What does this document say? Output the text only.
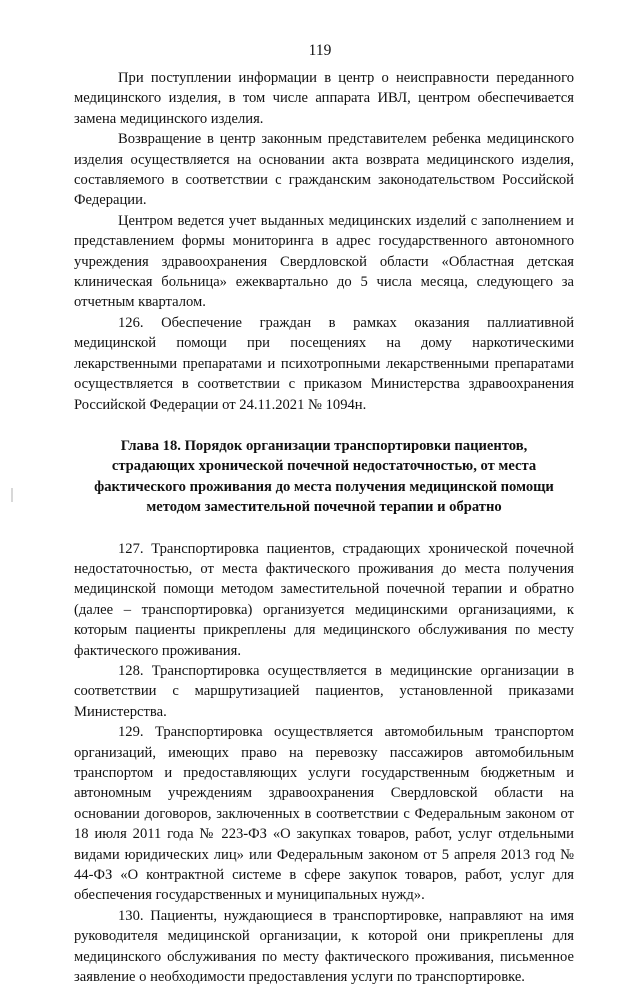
119

При поступлении информации в центр о неисправности переданного медицинского изделия, в том числе аппарата ИВЛ, центром обеспечивается замена медицинского изделия.

Возвращение в центр законным представителем ребенка медицинского изделия осуществляется на основании акта возврата медицинского изделия, составляемого в соответствии с гражданским законодательством Российской Федерации.

Центром ведется учет выданных медицинских изделий с заполнением и представлением формы мониторинга в адрес государственного автономного учреждения здравоохранения Свердловской области «Областная детская клиническая больница» ежеквартально до 5 числа месяца, следующего за отчетным кварталом.

126. Обеспечение граждан в рамках оказания паллиативной медицинской помощи при посещениях на дому наркотическими лекарственными препаратами и психотропными лекарственными препаратами осуществляется в соответствии с приказом Министерства здравоохранения Российской Федерации от 24.11.2021 № 1094н.

Глава 18. Порядок организации транспортировки пациентов, страдающих хронической почечной недостаточностью, от места фактического проживания до места получения медицинской помощи методом заместительной почечной терапии и обратно

127. Транспортировка пациентов, страдающих хронической почечной недостаточностью, от места фактического проживания до места получения медицинской помощи методом заместительной почечной терапии и обратно (далее – транспортировка) организуется медицинскими организациями, к которым пациенты прикреплены для медицинского обслуживания по месту фактического проживания.

128. Транспортировка осуществляется в медицинские организации в соответствии с маршрутизацией пациентов, установленной приказами Министерства.

129. Транспортировка осуществляется автомобильным транспортом организаций, имеющих право на перевозку пассажиров автомобильным транспортом и предоставляющих услуги государственным бюджетным и автономным учреждениям здравоохранения Свердловской области на основании договоров, заключенных в соответствии с Федеральным законом от 18 июля 2011 года № 223-ФЗ «О закупках товаров, работ, услуг отдельными видами юридических лиц» или Федеральным законом от 5 апреля 2013 год № 44-ФЗ «О контрактной системе в сфере закупок товаров, работ, услуг для обеспечения государственных и муниципальных нужд».

130. Пациенты, нуждающиеся в транспортировке, направляют на имя руководителя медицинской организации, к которой они прикреплены для медицинского обслуживания по месту фактического проживания, письменное заявление о необходимости предоставления услуги по транспортировке.
